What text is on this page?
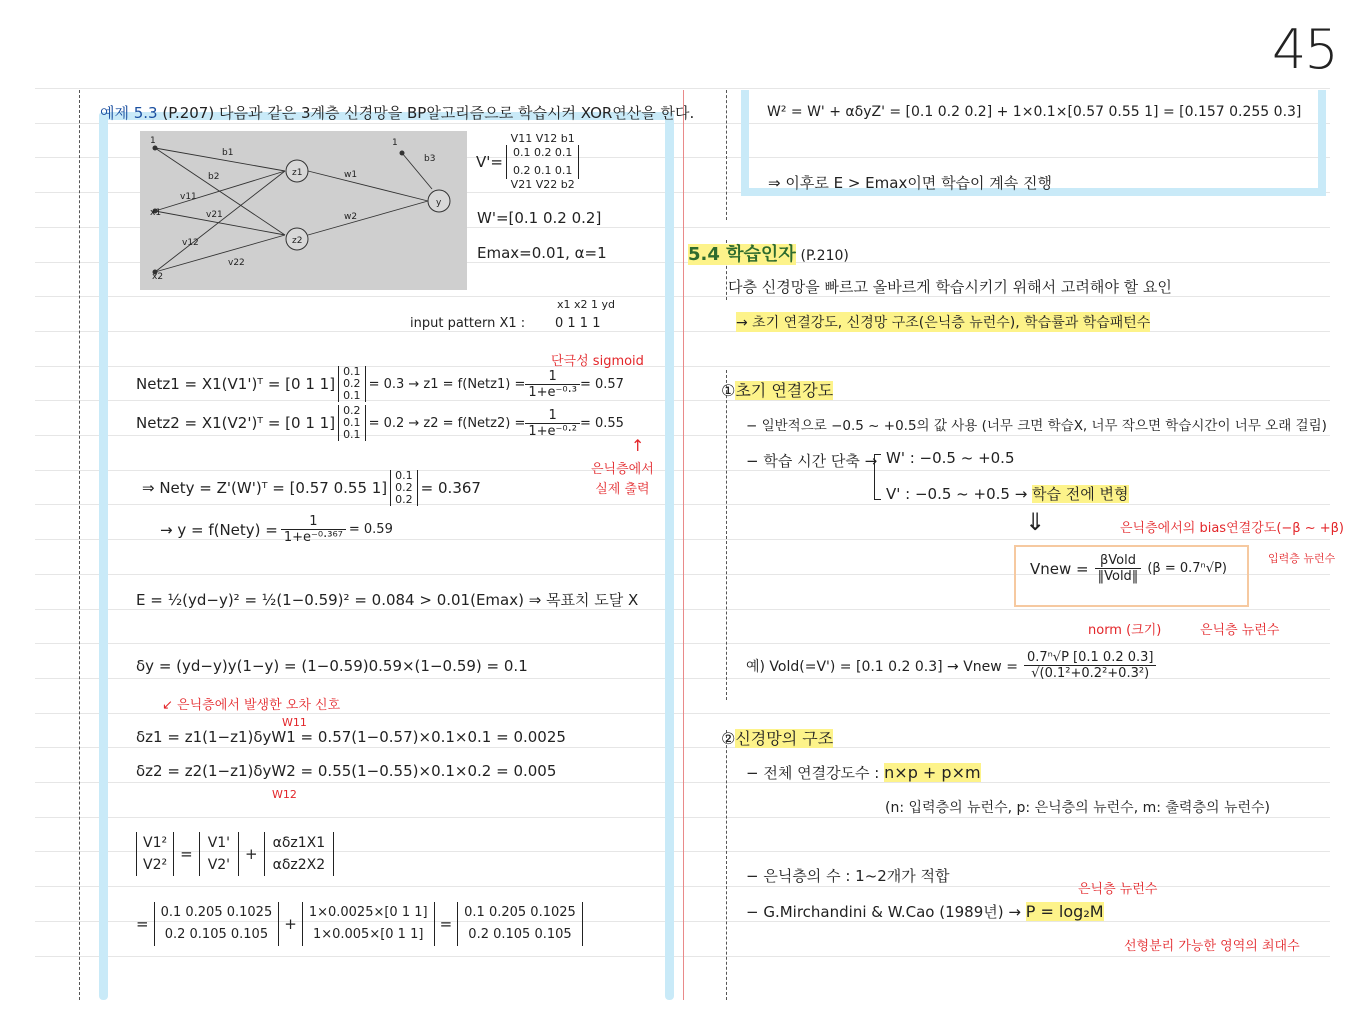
45
예제 5.3 (P.207) 다음과 같은 3계층 신경망을 BP알고리즘으로 학습시켜 XOR연산을 한다.
1	1
b1
b2
b3
v11
v21
v12
v22
w1
w2
x1
x2
z1
z2
y
V'=
V11 V12 b1
0.1 0.2 0.1
0.2 0.1 0.1
V21 V22 b2
W'=[0.1 0.2 0.2]
Emax=0.01, α=1
x1 x2 1 yd
input pattern X1 : 0 1 1 1
단극성 sigmoid
Netz1 = X1(V1')ᵀ = [0 1 1]
0.1
0.2
0.1
= 0.3 → z1 = f(Netz1) = $\frac{1}{\text{1+e⁻⁰·³}} = 0.57$
Netz2 = X1(V2')ᵀ = [0 1 1]
0.2
0.1
0.1
= 0.2 → z2 = f(Netz2) = $\frac{1}{\text{1+e⁻⁰·²}} = 0.55$
↑
은닉층에서
실제 출력
⇒ Nety = Z'(W')ᵀ = [0.57 0.55 1]
0.1
0.2
0.2
= 0.367
→ y = f(Nety) = $\frac{1}{\text{1+e⁻⁰·³⁶⁷}} = 0.59$
E = ½(yd−y)² = ½(1−0.59)² = 0.084 > 0.01(Emax) ⇒ 목표치 도달 X
δy = (yd−y)y(1−y) = (1−0.59)0.59×(1−0.59) = 0.1
↙ 은닉층에서 발생한 오차 신호
W11
δz1 = z1(1−z1)δyW1 = 0.57(1−0.57)×0.1×0.1 = 0.0025
δz2 = z2(1−z1)δyW2 = 0.55(1−0.55)×0.1×0.2 = 0.005
W12
V1²
V2²
=
V1'
V2'
+
αδz1X1
αδz2X2
=
0.1 0.205 0.1025
0.2 0.105 0.105
+
1×0.0025×[0 1 1]
1×0.005×[0 1 1]
=
0.1 0.205 0.1025
0.2 0.105 0.105
W² = W' + αδyZ' = [0.1 0.2 0.2] + 1×0.1×[0.57 0.55 1] = [0.157 0.255 0.3]
⇒ 이후로 E > Emax이면 학습이 계속 진행
5.4 학습인자 (P.210)
다층 신경망을 빠르고 올바르게 학습시키기 위해서 고려해야 할 요인
→ 초기 연결강도, 신경망 구조(은닉층 뉴런수), 학습률과 학습패턴수
①초기 연결강도
− 일반적으로 −0.5 ~ +0.5의 값 사용 (너무 크면 학습X, 너무 작으면 학습시간이 너무 오래 걸림)
− 학습 시간 단축 → W' : −0.5 ~ +0.5
V' : −0.5 ~ +0.5 → 학습 전에 변형
⇓	은닉층에서의 bias연결강도(−β ~ +β)
입력층 뉴런수
Vnew = $\frac{\text{βVold}}{\text{‖Vold‖}} (\beta = 0.7^n√P)$
norm (크기)	은닉층 뉴런수
예) Vold(=V') = [0.1 0.2 0.3] → Vnew = $\frac{\text{0.7ⁿ√P [0.1 0.2 0.3]}}{\text{√(0.1²+0.2²+0.3²)}}$
②신경망의 구조
− 전체 연결강도수 : n×p + p×m
(n: 입력층의 뉴런수, p: 은닉층의 뉴런수, m: 출력층의 뉴런수)
− 은닉층의 수 : 1~2개가 적합
은닉층 뉴런수
− G.Mirchandini & W.Cao (1989년) → P = log₂M
선형분리 가능한 영역의 최대수
